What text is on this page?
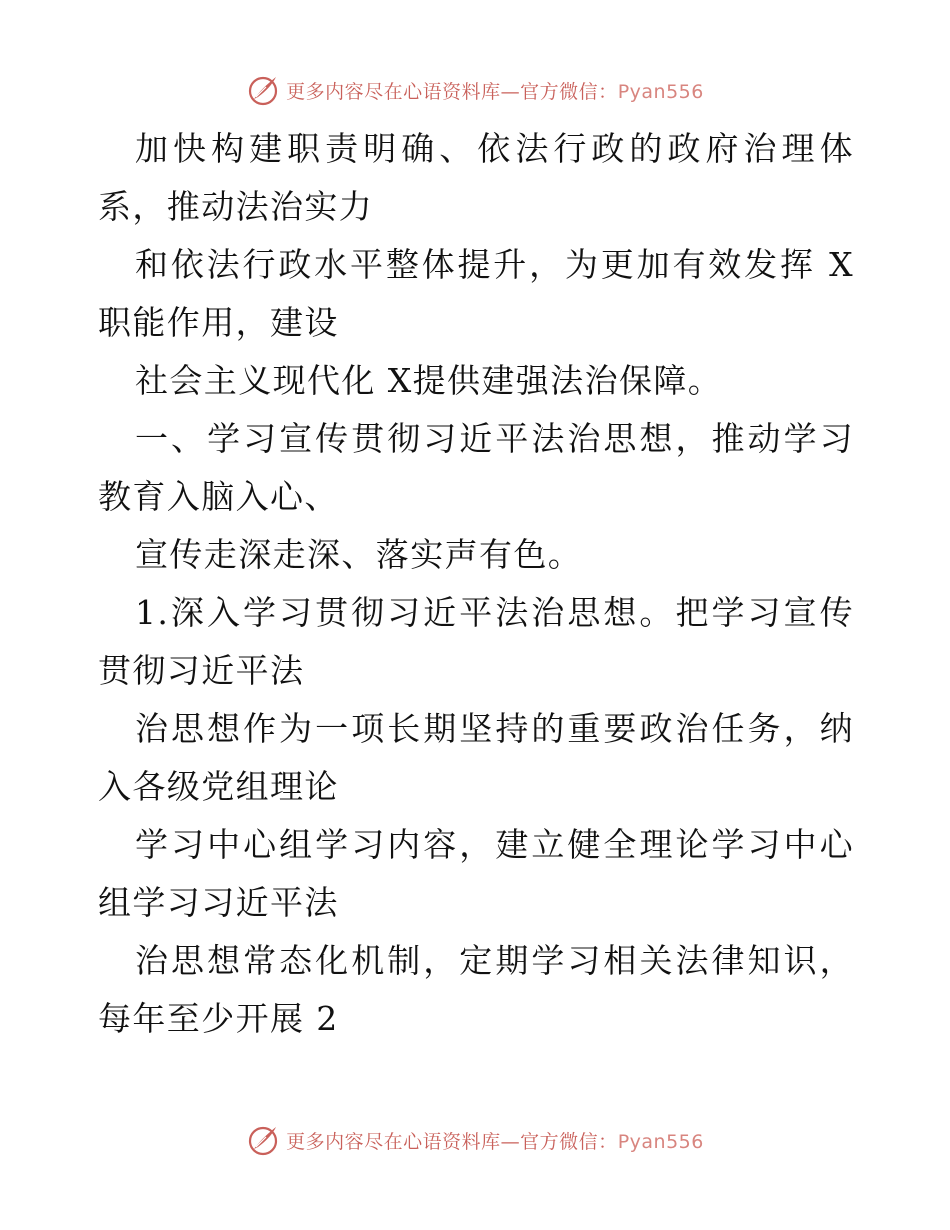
更多内容尽在心语资料库—官方微信：Pyan556

加快构建职责明确、依法行政的政府治理体系，推动法治实力

和依法行政水平整体提升，为更加有效发挥 X 职能作用，建设

社会主义现代化 X提供建强法治保障。

一、学习宣传贯彻习近平法治思想，推动学习教育入脑入心、

宣传走深走深、落实声有色。

1.深入学习贯彻习近平法治思想。把学习宣传贯彻习近平法

治思想作为一项长期坚持的重要政治任务，纳入各级党组理论

学习中心组学习内容，建立健全理论学习中心组学习习近平法

治思想常态化机制，定期学习相关法律知识，每年至少开展 2

更多内容尽在心语资料库—官方微信：Pyan556
